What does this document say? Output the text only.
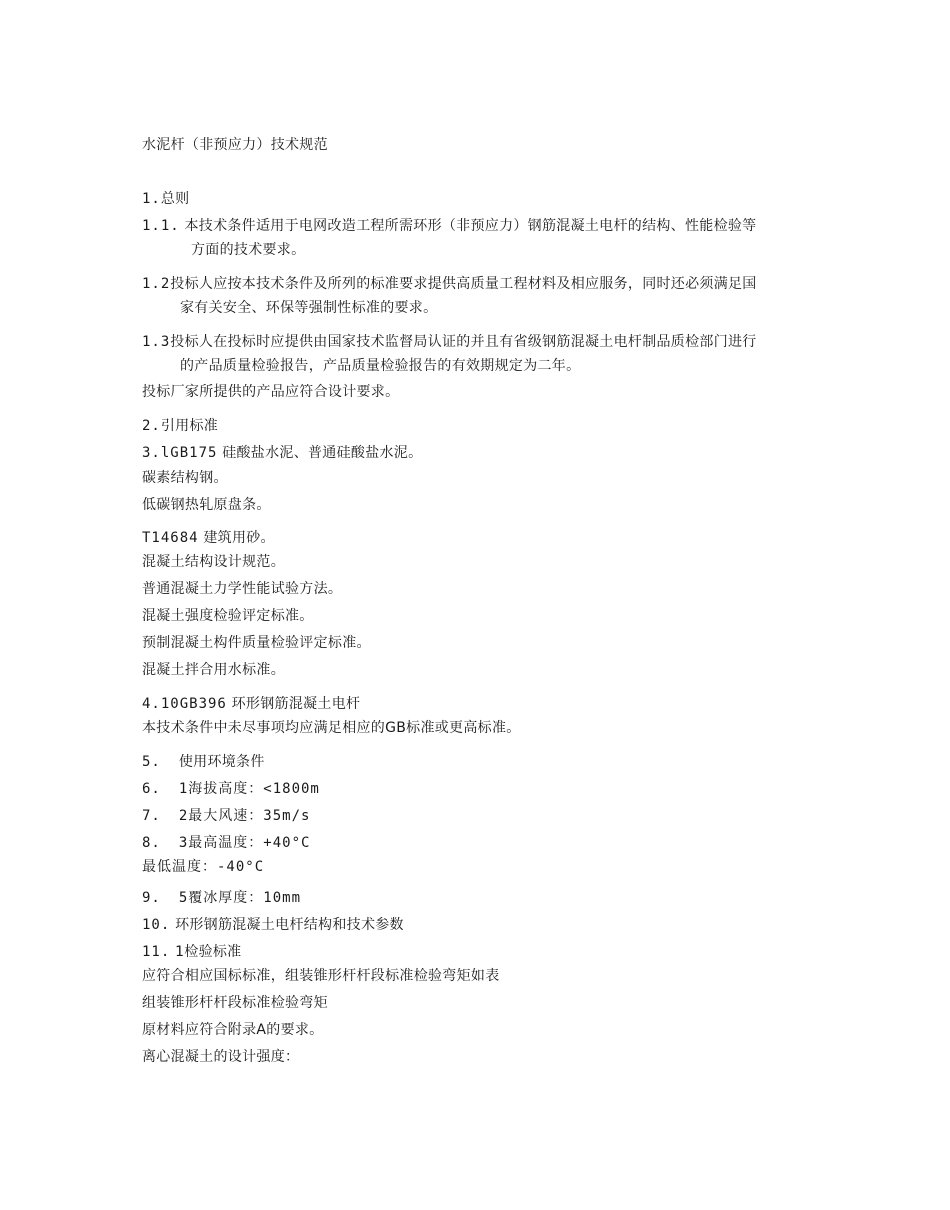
水泥杆（非预应力）技术规范
1.总则
1.1. 本技术条件适用于电网改造工程所需环形（非预应力）钢筋混凝土电杆的结构、性能检验等
方面的技术要求。
1.2投标人应按本技术条件及所列的标准要求提供高质量工程材料及相应服务，同时还必须满足国
家有关安全、环保等强制性标准的要求。
1.3投标人在投标时应提供由国家技术监督局认证的并且有省级钢筋混凝土电杆制品质检部门进行
的产品质量检验报告，产品质量检验报告的有效期规定为二年。
投标厂家所提供的产品应符合设计要求。
2.引用标准
3.lGB175 硅酸盐水泥、普通硅酸盐水泥。
碳素结构钢。
低碳钢热轧原盘条。
T14684 建筑用砂。
混凝土结构设计规范。
普通混凝土力学性能试验方法。
混凝土强度检验评定标准。
预制混凝土构件质量检验评定标准。
混凝土拌合用水标准。
4.10GB396 环形钢筋混凝土电杆
本技术条件中未尽事项均应满足相应的GB标准或更高标准。
5. 使用环境条件
6. 1海拔高度：<1800m
7. 2最大风速：35m/s
8. 3最高温度：+40°C
最低温度：-40°C
9. 5覆冰厚度：10mm
10. 环形钢筋混凝土电杆结构和技术参数
11. 1检验标准
应符合相应国标标准，组装锥形杆杆段标准检验弯矩如表
组装锥形杆杆段标准检验弯矩
原材料应符合附录A的要求。
离心混凝土的设计强度：
